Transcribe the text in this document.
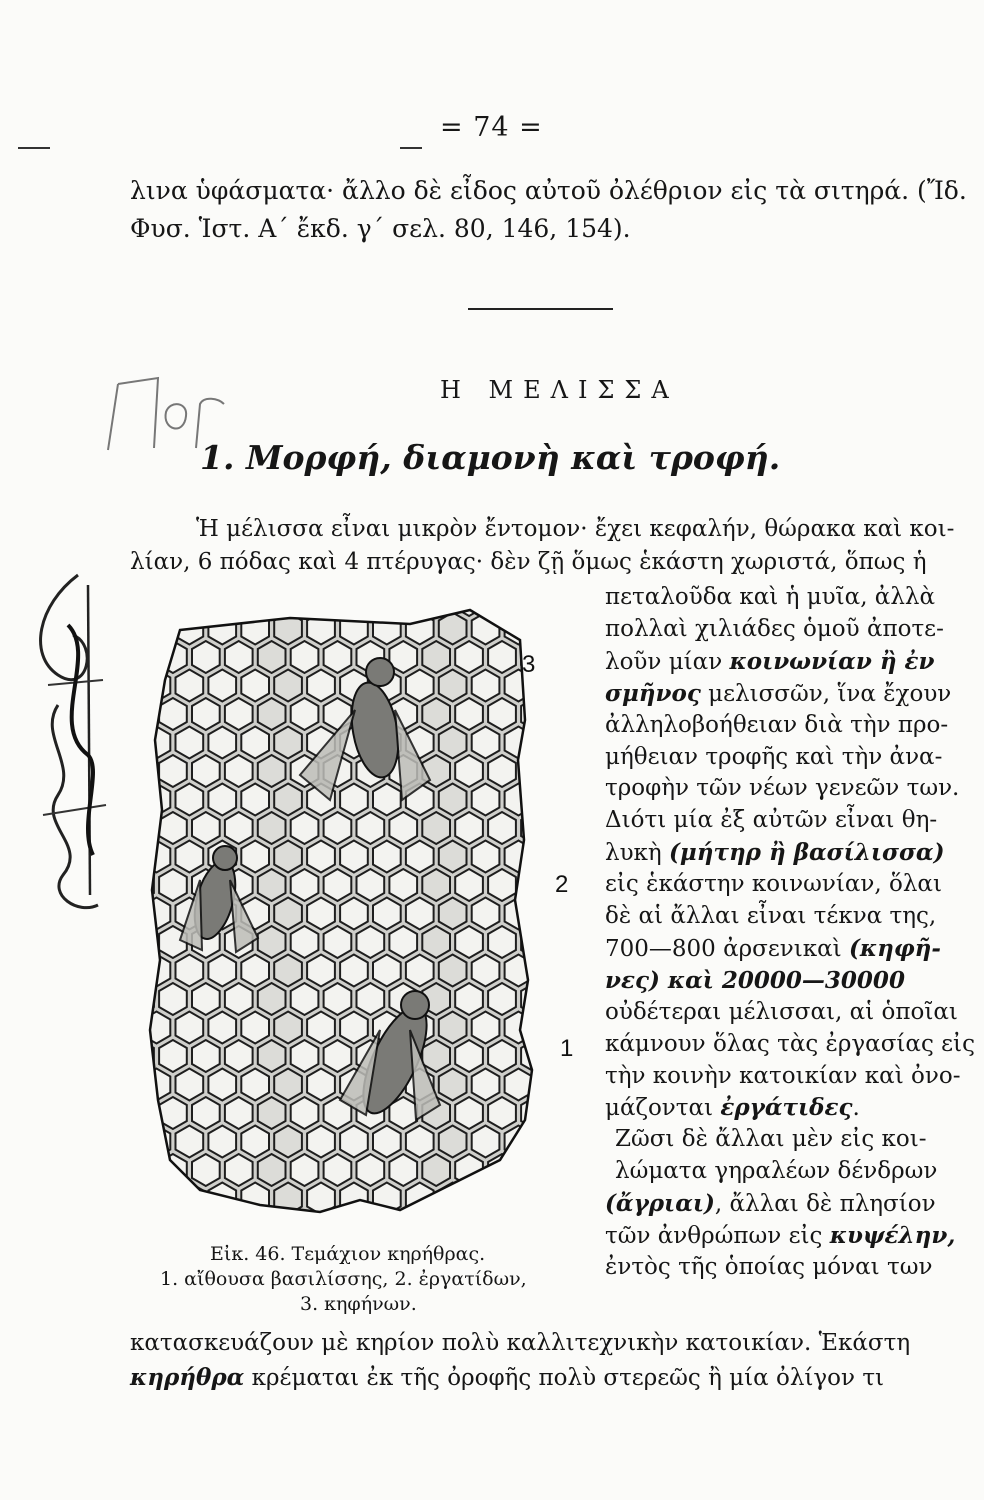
= 74 =
λινα ὑφάσματα· ἄλλο δὲ εἶδος αὐτοῦ ὀλέθριον εἰς τὰ σιτηρά. (Ἴδ.
Φυσ. Ἱστ. Α΄ ἔκδ. γ΄ σελ. 80, 146, 154).
Η ΜΕΛΙΣΣΑ
1. Μορφή, διαμονὴ καὶ τροφή.
Ἡ μέλισσα εἶναι μικρὸν ἔντομον· ἔχει κεφαλήν, θώρακα καὶ κοι-
λίαν, 6 πόδας καὶ 4 πτέρυγας· δὲν ζῇ ὅμως ἑκάστη χωριστά, ὅπως ἡ
πεταλοῦδα καὶ ἡ μυῖα, ἀλλὰ
πολλαὶ χιλιάδες ὁμοῦ ἀποτε-
λοῦν μίαν κοινωνίαν ἢ ἐν
σμῆνος μελισσῶν, ἵνα ἔχουν
ἀλληλοβοήθειαν διὰ τὴν προ-
μήθειαν τροφῆς καὶ τὴν ἀνα-
τροφὴν τῶν νέων γενεῶν των.
Διότι μία ἐξ αὐτῶν εἶναι θη-
λυκὴ (μήτηρ ἢ βασίλισσα)
εἰς ἑκάστην κοινωνίαν, ὅλαι
δὲ αἱ ἄλλαι εἶναι τέκνα της,
700—800 ἀρσενικαὶ (κηφῆ-
νες) καὶ 20000—30000
οὐδέτεραι μέλισσαι, αἱ ὁποῖαι
κάμνουν ὅλας τὰς ἐργασίας εἰς
τὴν κοινὴν κατοικίαν καὶ ὀνο-
μάζονται ἐργάτιδες.
Ζῶσι δὲ ἄλλαι μὲν εἰς κοι-
λώματα γηραλέων δένδρων
(ἄγριαι), ἄλλαι δὲ πλησίον
τῶν ἀνθρώπων εἰς κυψέλην,
ἐντὸς τῆς ὁποίας μόναι των
κατασκευάζουν μὲ κηρίον πολὺ καλλιτεχνικὴν κατοικίαν. Ἑκάστη
κηρήθρα κρέμαται ἐκ τῆς ὀροφῆς πολὺ στερεῶς ἢ μία ὀλίγον τι
3
2
1
Εἰκ. 46. Τεμάχιον κηρήθρας.
1. αἴθουσα βασιλίσσης, 2. ἐργατίδων,
3. κηφήνων.
